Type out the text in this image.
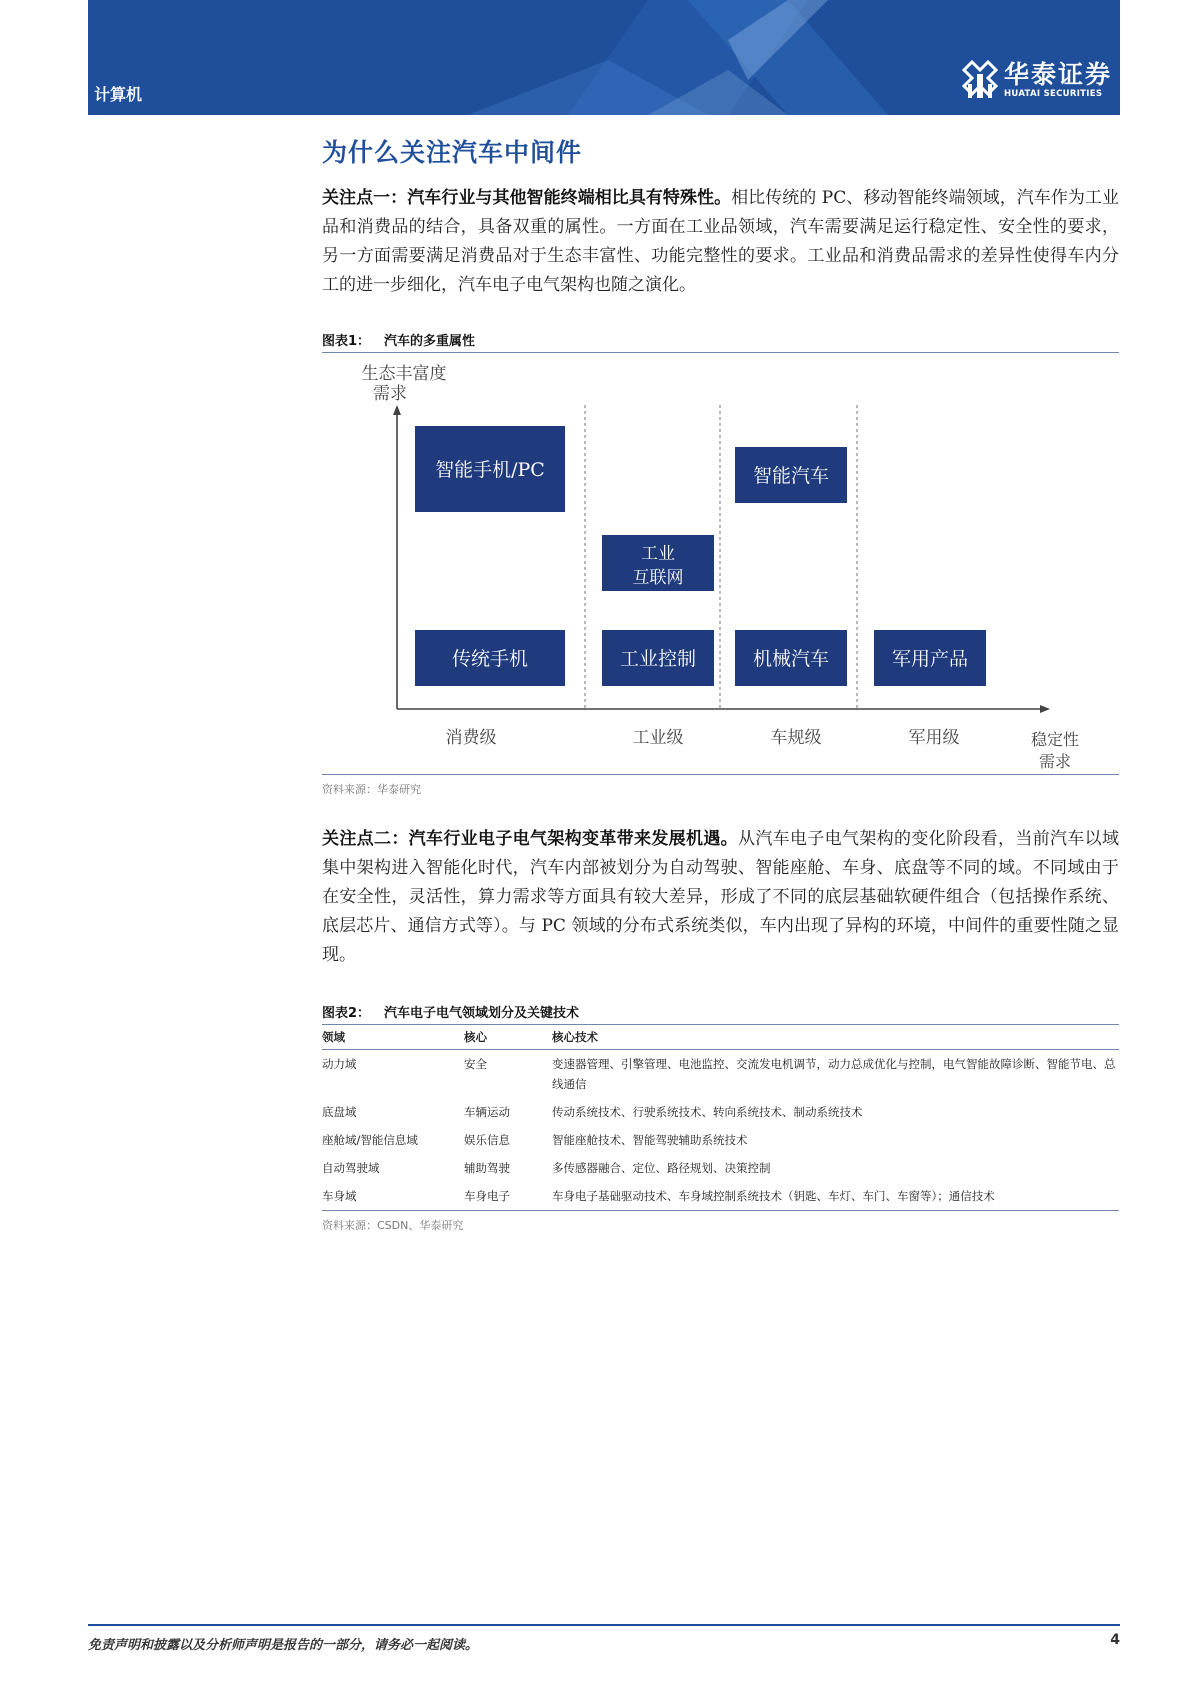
计算机
华泰证券
HUATAI SECURITIES
为什么关注汽车中间件

关注点一：汽车行业与其他智能终端相比具有特殊性。相比传统的 PC、移动智能终端领域，汽车作为工业品和消费品的结合，具备双重的属性。一方面在工业品领域，汽车需要满足运行稳定性、安全性的要求，另一方面需要满足消费品对于生态丰富性、功能完整性的要求。工业品和消费品需求的差异性使得车内分工的进一步细化，汽车电子电气架构也随之演化。

图表1： 汽车的多重属性
生态丰富度
需求
智能手机/PC
传统手机
工业
互联网
工业控制
智能汽车
机械汽车	军用产品
消费级	工业级	车规级	军用级	稳定性
需求
资料来源：华泰研究

关注点二：汽车行业电子电气架构变革带来发展机遇。从汽车电子电气架构的变化阶段看，当前汽车以域集中架构进入智能化时代，汽车内部被划分为自动驾驶、智能座舱、车身、底盘等不同的域。不同域由于在安全性，灵活性，算力需求等方面具有较大差异，形成了不同的底层基础软硬件组合（包括操作系统、底层芯片、通信方式等）。与 PC 领域的分布式系统类似，车内出现了异构的环境，中间件的重要性随之显现。

图表2： 汽车电子电气领域划分及关键技术
领域	核心	核心技术
动力域	安全	变速器管理、引擎管理、电池监控、交流发电机调节，动力总成优化与控制，电气智能故障诊断、智能节电、总线通信
底盘域	车辆运动	传动系统技术、行驶系统技术、转向系统技术、制动系统技术
座舱域/智能信息域	娱乐信息	智能座舱技术、智能驾驶辅助系统技术
自动驾驶域	辅助驾驶	多传感器融合、定位、路径规划、决策控制
车身域	车身电子	车身电子基础驱动技术、车身域控制系统技术（钥匙、车灯、车门、车窗等）；通信技术
资料来源：CSDN、华泰研究
免责声明和披露以及分析师声明是报告的一部分，请务必一起阅读。	4
